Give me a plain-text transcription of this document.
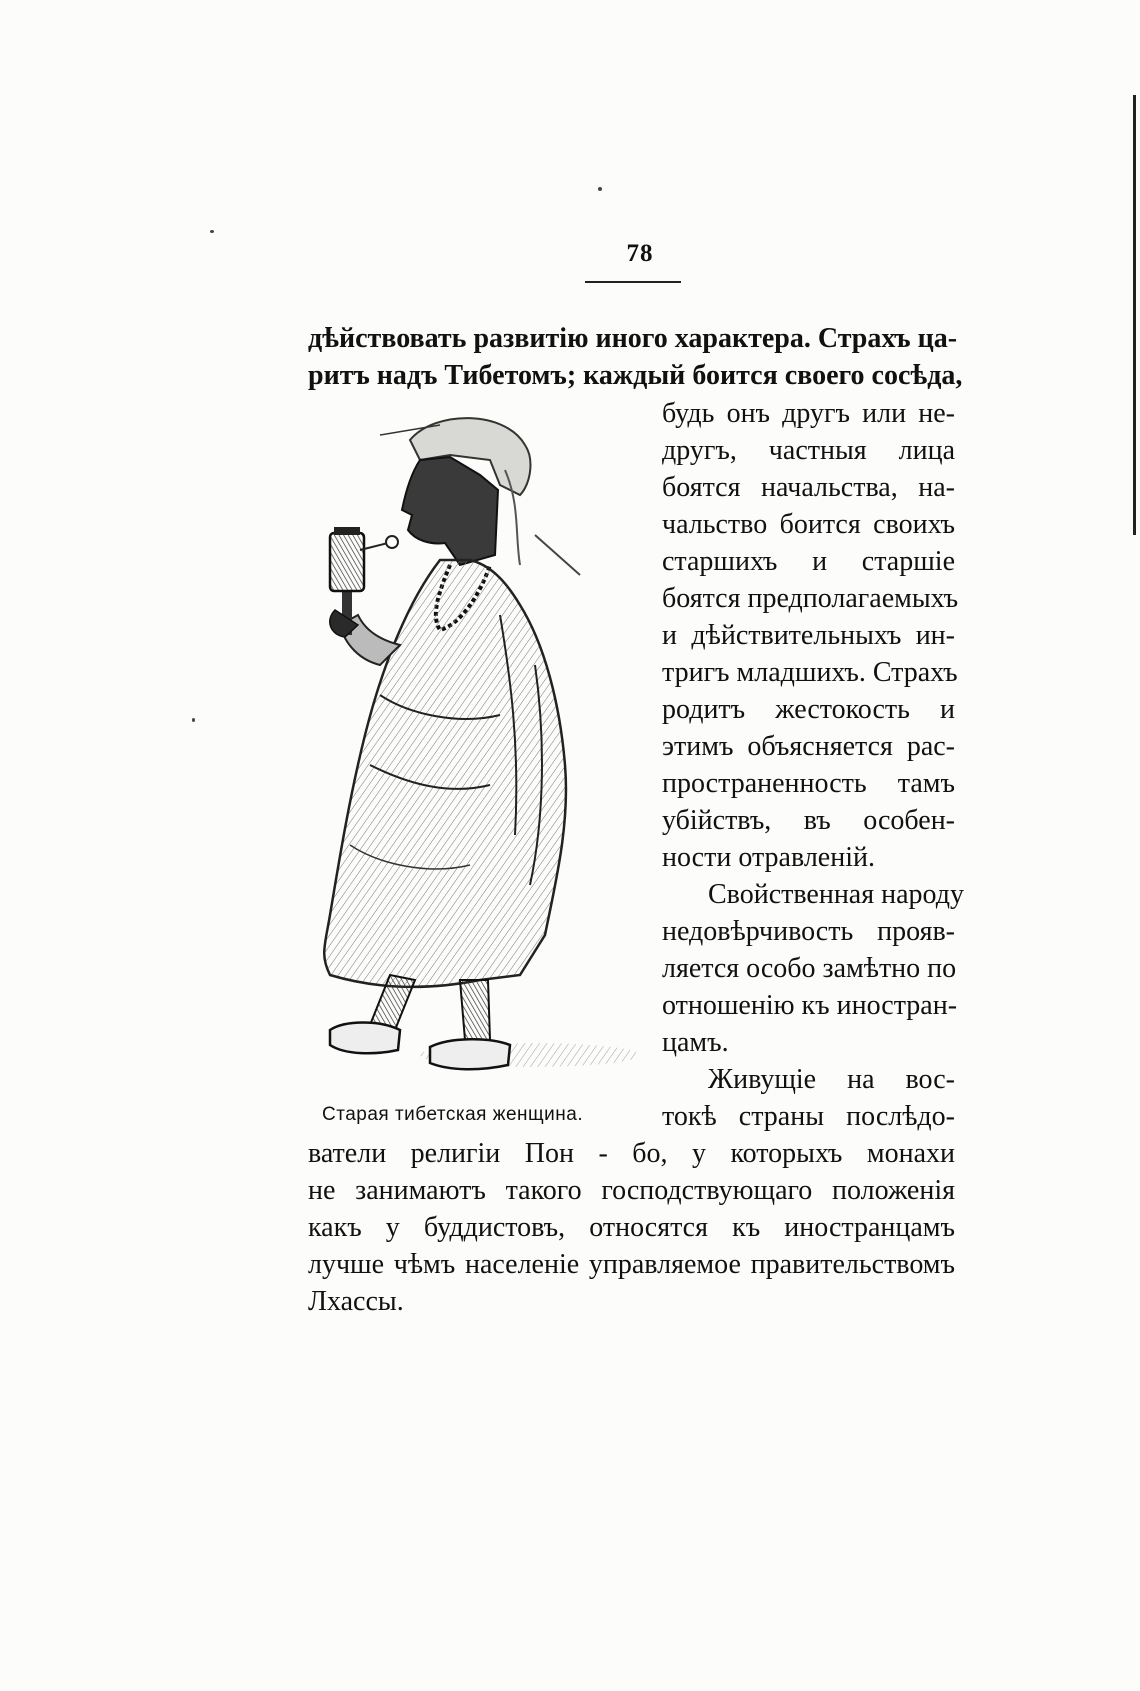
78
дѣйствовать развитію иного характера. Страхъ ца-
ритъ надъ Тибетомъ; каждый боится своего сосѣда,
будь онъ другъ или не-
другъ, частныя лица
боятся начальства, на-
чальство боится своихъ
старшихъ и старшіе
боятся предполагаемыхъ
и дѣйствительныхъ ин-
тригъ младшихъ. Страхъ
родитъ жестокость и
этимъ объясняется рас-
пространенность тамъ
убійствъ, въ особен-
ности отравленій.
Свойственная народу
недовѣрчивость прояв-
ляется особо замѣтно по
отношенію къ иностран-
цамъ.
Живущіе на вос-
токѣ страны послѣдо-
ватели религіи Пон - бо, у которыхъ монахи
не занимаютъ такого господствующаго положенія
какъ у буддистовъ, относятся къ иностранцамъ
лучше чѣмъ населеніе управляемое правительствомъ
Лхассы.
Старая тибетская женщина.
